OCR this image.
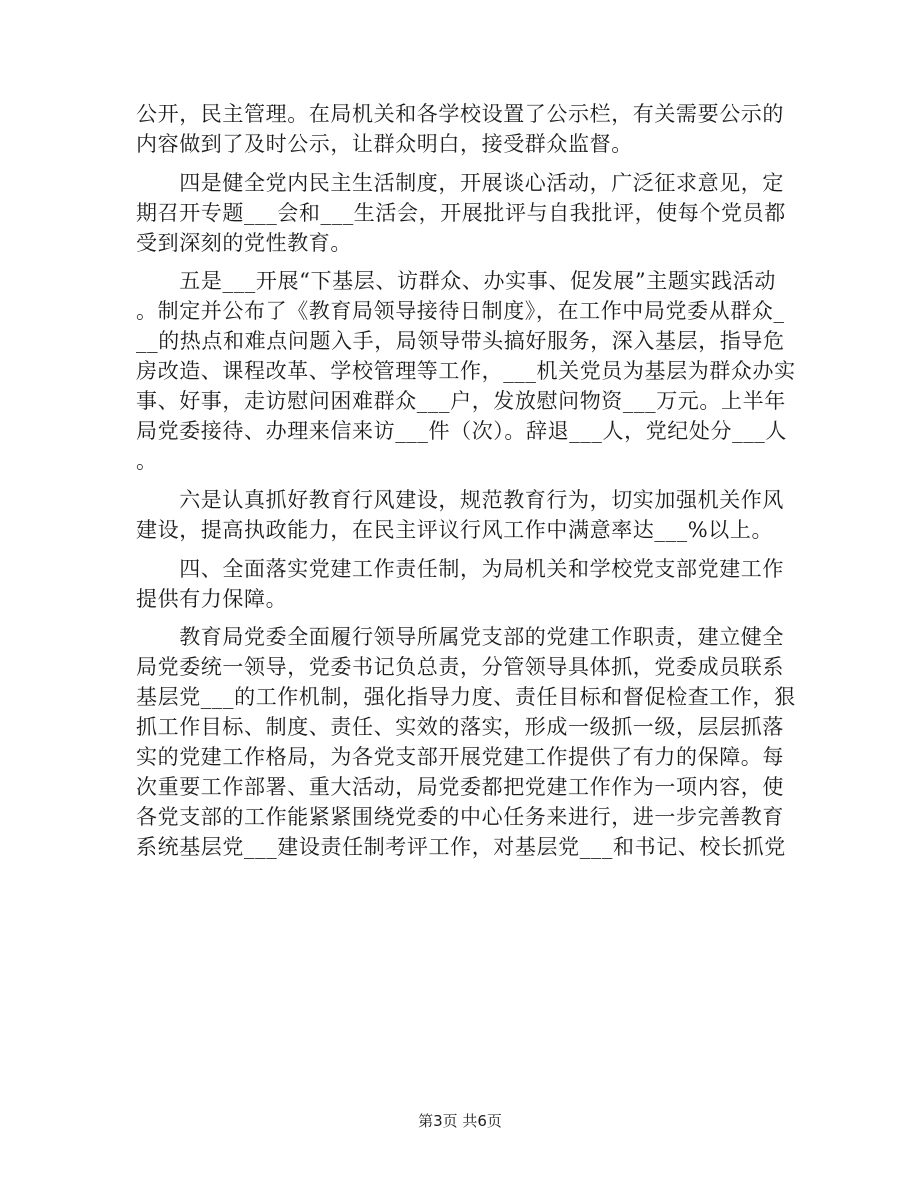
公开，民主管理。在局机关和各学校设置了公示栏，有关需要公示的
内容做到了及时公示，让群众明白，接受群众监督。
　　四是健全党内民主生活制度，开展谈心活动，广泛征求意见，定
期召开专题___会和___生活会，开展批评与自我批评，使每个党员都
受到深刻的党性教育。
　　五是___开展“下基层、访群众、办实事、促发展”主题实践活动
。制定并公布了《教育局领导接待日制度》，在工作中局党委从群众_
__的热点和难点问题入手，局领导带头搞好服务，深入基层，指导危
房改造、课程改革、学校管理等工作，___机关党员为基层为群众办实
事、好事，走访慰问困难群众___户，发放慰问物资___万元。上半年
局党委接待、办理来信来访___件（次）。辞退___人，党纪处分___人
。
　　六是认真抓好教育行风建设，规范教育行为，切实加强机关作风
建设，提高执政能力，在民主评议行风工作中满意率达___%以上。
　　四、全面落实党建工作责任制，为局机关和学校党支部党建工作
提供有力保障。
　　教育局党委全面履行领导所属党支部的党建工作职责，建立健全
局党委统一领导，党委书记负总责，分管领导具体抓，党委成员联系
基层党___的工作机制，强化指导力度、责任目标和督促检查工作，狠
抓工作目标、制度、责任、实效的落实，形成一级抓一级，层层抓落
实的党建工作格局，为各党支部开展党建工作提供了有力的保障。每
次重要工作部署、重大活动，局党委都把党建工作作为一项内容，使
各党支部的工作能紧紧围绕党委的中心任务来进行，进一步完善教育
系统基层党___建设责任制考评工作，对基层党___和书记、校长抓党
第3页 共6页
